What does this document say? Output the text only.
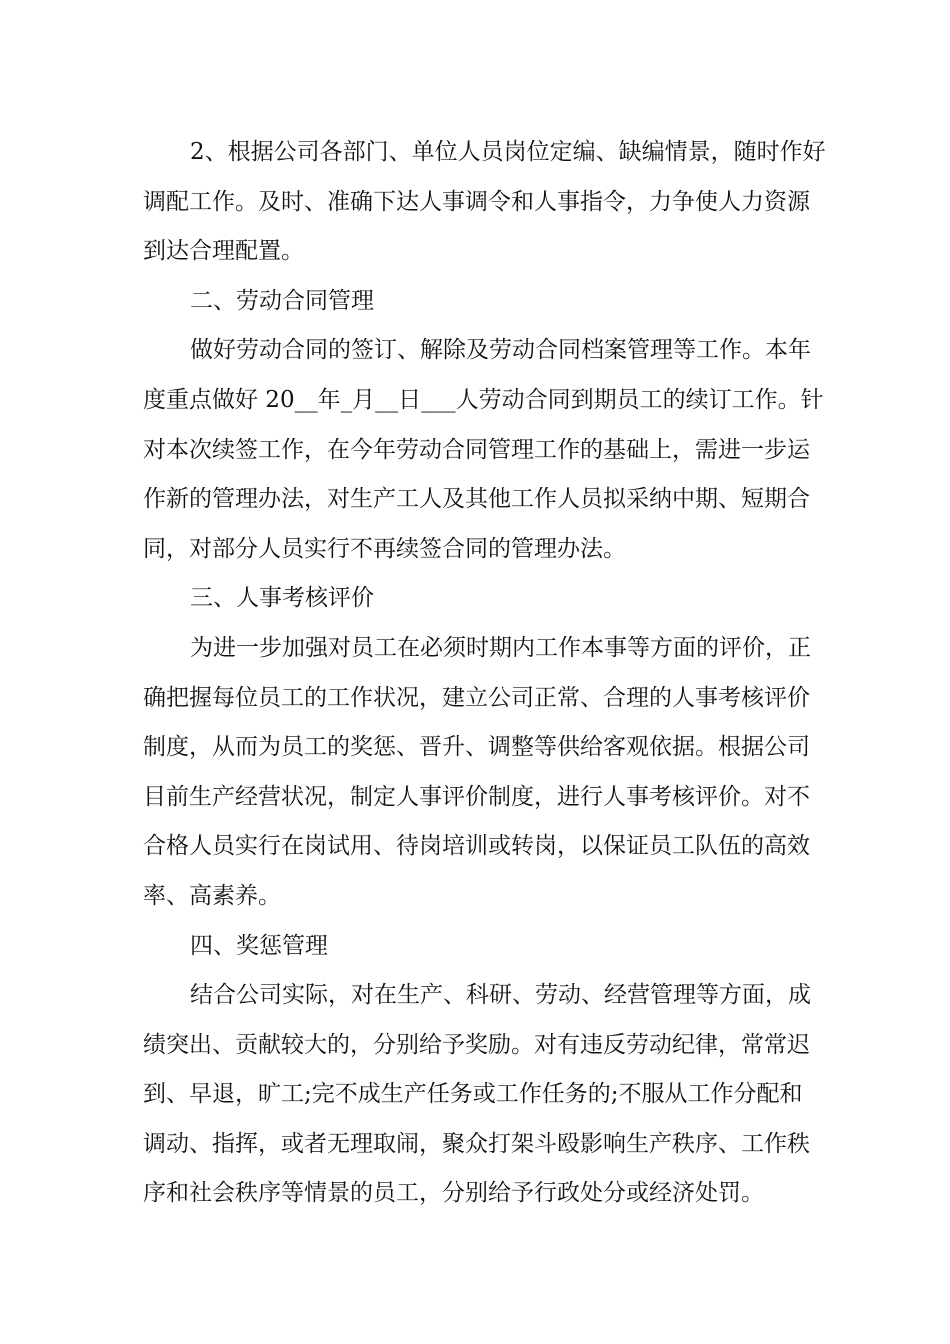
2、根据公司各部门、单位人员岗位定编、缺编情景，随时作好
调配工作。及时、准确下达人事调令和人事指令，力争使人力资源
到达合理配置。

二、劳动合同管理

做好劳动合同的签订、解除及劳动合同档案管理等工作。本年
度重点做好 20__年_月__日___人劳动合同到期员工的续订工作。针
对本次续签工作，在今年劳动合同管理工作的基础上，需进一步运
作新的管理办法，对生产工人及其他工作人员拟采纳中期、短期合
同，对部分人员实行不再续签合同的管理办法。

三、人事考核评价

为进一步加强对员工在必须时期内工作本事等方面的评价，正
确把握每位员工的工作状况，建立公司正常、合理的人事考核评价
制度，从而为员工的奖惩、晋升、调整等供给客观依据。根据公司
目前生产经营状况，制定人事评价制度，进行人事考核评价。对不
合格人员实行在岗试用、待岗培训或转岗，以保证员工队伍的高效
率、高素养。

四、奖惩管理

结合公司实际，对在生产、科研、劳动、经营管理等方面，成
绩突出、贡献较大的，分别给予奖励。对有违反劳动纪律，常常迟
到、早退，旷工;完不成生产任务或工作任务的;不服从工作分配和
调动、指挥，或者无理取闹，聚众打架斗殴影响生产秩序、工作秩
序和社会秩序等情景的员工，分别给予行政处分或经济处罚。
